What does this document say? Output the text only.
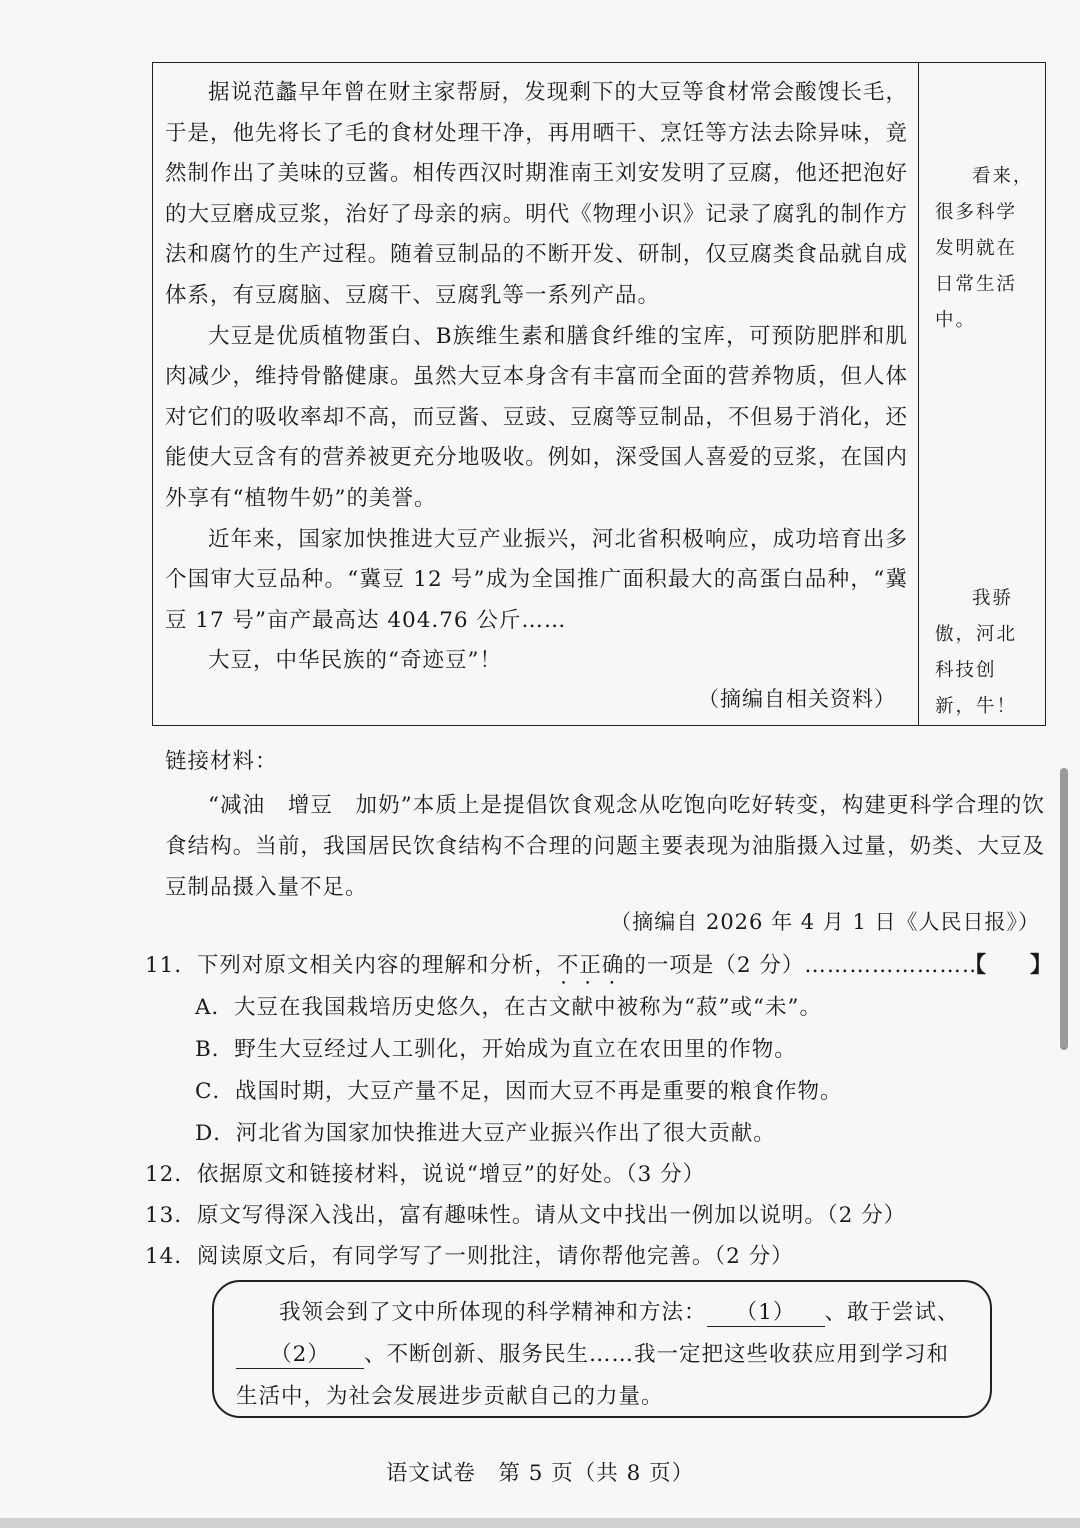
据说范蠡早年曾在财主家帮厨，发现剩下的大豆等食材常会酸馊长毛，于是，他先将长了毛的食材处理干净，再用晒干、烹饪等方法去除异味，竟然制作出了美味的豆酱。相传西汉时期淮南王刘安发明了豆腐，他还把泡好的大豆磨成豆浆，治好了母亲的病。明代《物理小识》记录了腐乳的制作方法和腐竹的生产过程。随着豆制品的不断开发、研制，仅豆腐类食品就自成体系，有豆腐脑、豆腐干、豆腐乳等一系列产品。

大豆是优质植物蛋白、B族维生素和膳食纤维的宝库，可预防肥胖和肌肉减少，维持骨骼健康。虽然大豆本身含有丰富而全面的营养物质，但人体对它们的吸收率却不高，而豆酱、豆豉、豆腐等豆制品，不但易于消化，还能使大豆含有的营养被更充分地吸收。例如，深受国人喜爱的豆浆，在国内外享有“植物牛奶”的美誉。

近年来，国家加快推进大豆产业振兴，河北省积极响应，成功培育出多个国审大豆品种。“冀豆 12 号”成为全国推广面积最大的高蛋白品种，“冀豆 17 号”亩产最高达 404.76 公斤……

大豆，中华民族的“奇迹豆”！

（摘编自相关资料）
看来，很多科学发明就在日常生活中。
我骄傲，河北科技创新，牛！
链接材料：

“减油　增豆　加奶”本质上是提倡饮食观念从吃饱向吃好转变，构建更科学合理的饮食结构。当前，我国居民饮食结构不合理的问题主要表现为油脂摄入过量，奶类、大豆及豆制品摄入量不足。

（摘编自 2026 年 4 月 1 日《人民日报》）
11．下列对原文相关内容的理解和分析，不正确 • • •的一项是（2 分）……………………
【　　】
A．大豆在我国栽培历史悠久，在古文献中被称为“菽”或“未”。
B．野生大豆经过人工驯化，开始成为直立在农田里的作物。
C．战国时期，大豆产量不足，因而大豆不再是重要的粮食作物。
D．河北省为国家加快推进大豆产业振兴作出了很大贡献。
12．依据原文和链接材料，说说“增豆”的好处。（3 分）
13．原文写得深入浅出，富有趣味性。请从文中找出一例加以说明。（2 分）
14．阅读原文后，有同学写了一则批注，请你帮他完善。（2 分）

我领会到了文中所体现的科学精神和方法： （1） 、敢于尝试、（2） 、不断创新、服务民生……我一定把这些收获应用到学习和生活中，为社会发展进步贡献自己的力量。

语文试卷　第 5 页（共 8 页）
